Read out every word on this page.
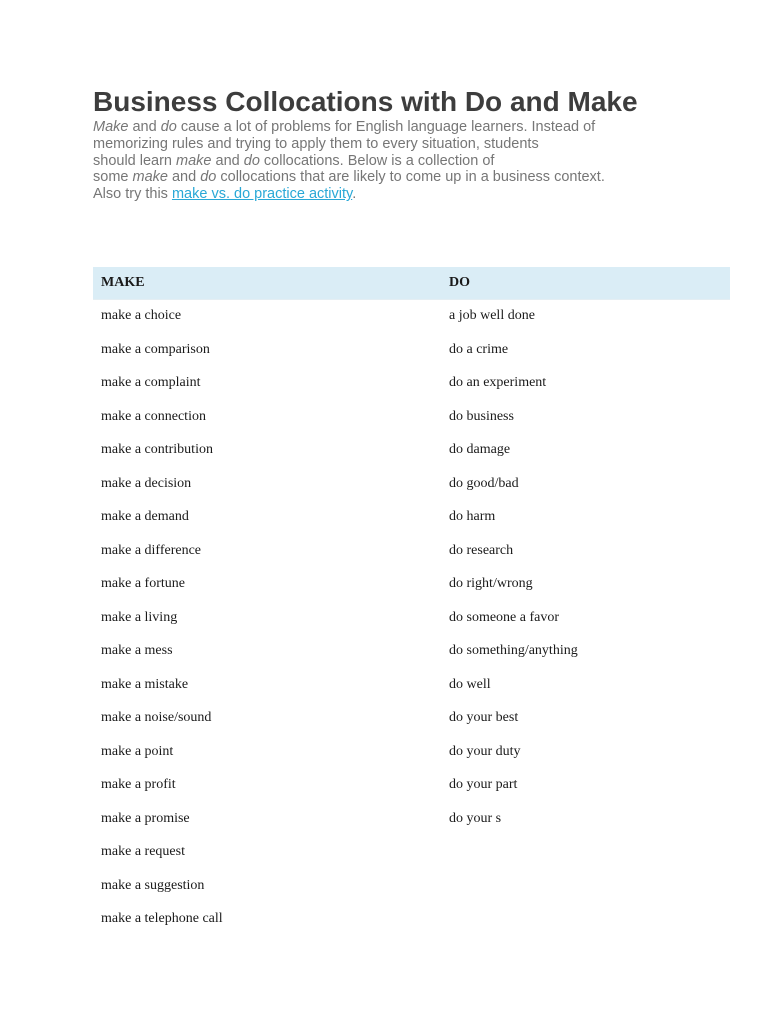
Business Collocations with Do and Make
Make and do cause a lot of problems for English language learners. Instead of
memorizing rules and trying to apply them to every situation, students
should learn make and do collocations. Below is a collection of
some make and do collocations that are likely to come up in a business context.
Also try this make vs. do practice activity.
MAKE	DO
make a choice	a job well done
make a comparison	do a crime
make a complaint	do an experiment
make a connection	do business
make a contribution	do damage
make a decision	do good/bad
make a demand	do harm
make a difference	do research
make a fortune	do right/wrong
make a living	do someone a favor
make a mess	do something/anything
make a mistake	do well
make a noise/sound	do your best
make a point	do your duty
make a profit	do your part
make a promise	do your s
make a request
make a suggestion
make a telephone call
